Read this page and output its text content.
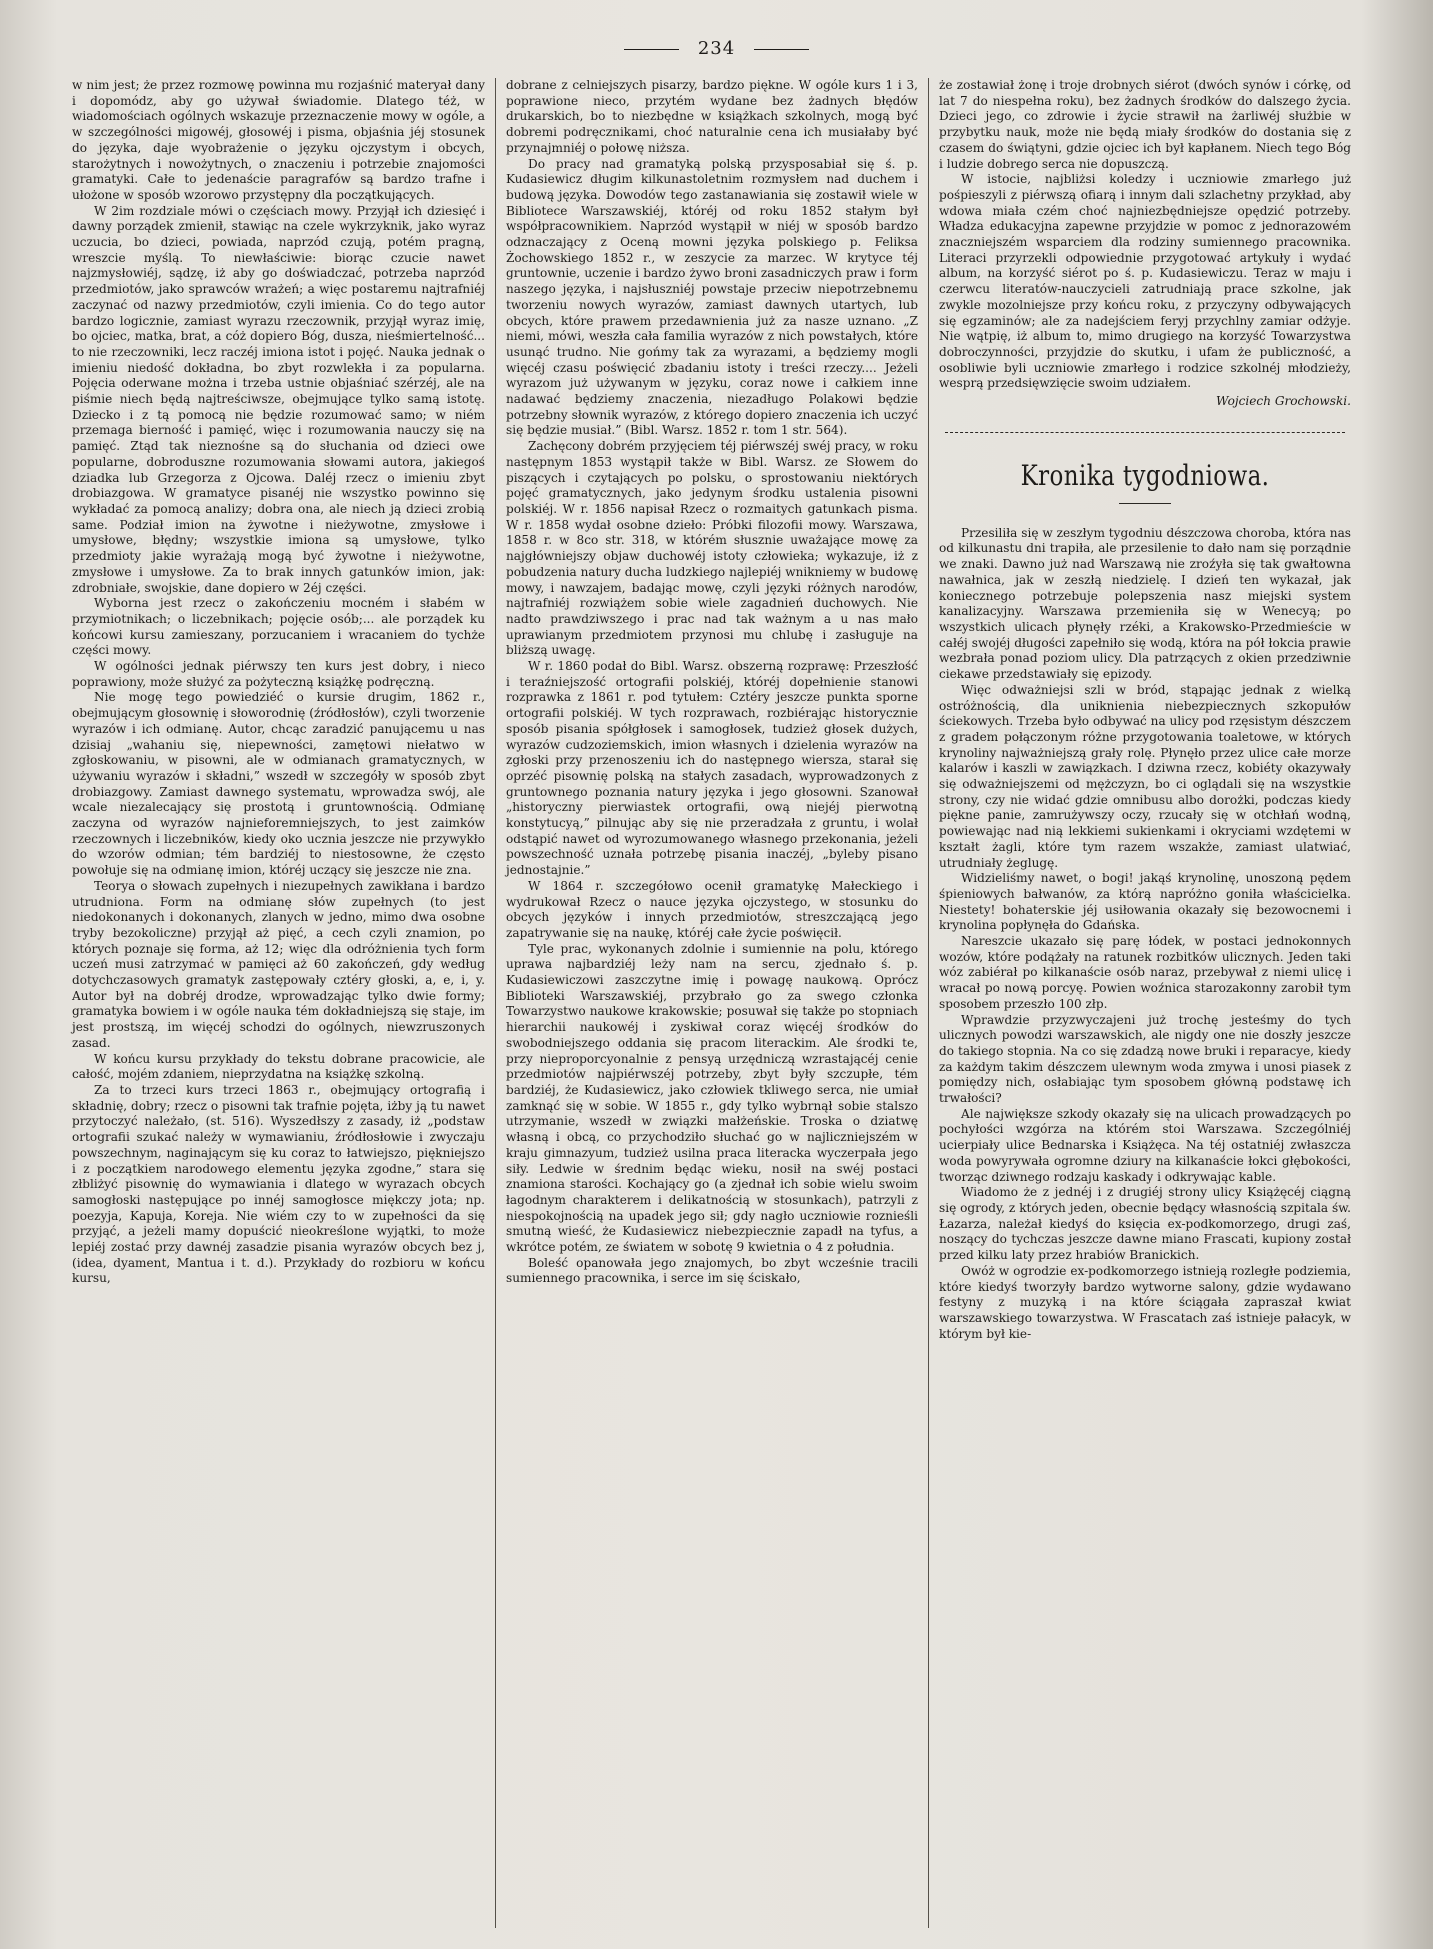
234

w nim jest; że przez rozmowę powinna mu rozjaśnić materyał dany i dopomódz, aby go używał świadomie. Dlatego téż, w wiadomościach ogólnych wskazuje przeznaczenie mowy w ogóle, a w szczególności migowéj, głosowéj i pisma, objaśnia jéj stosunek do języka, daje wyobrażenie o języku ojczystym i obcych, starożytnych i nowożytnych, o znaczeniu i potrzebie znajomości gramatyki. Całe to jedenaście paragrafów są bardzo trafne i ułożone w sposób wzorowo przystępny dla początkujących.

W 2im rozdziale mówi o częściach mowy. Przyjął ich dziesięć i dawny porządek zmienił, stawiąc na czele wykrzyknik, jako wyraz uczucia, bo dzieci, powiada, naprzód czują, potém pragną, wreszcie myślą. To niewłaściwie: biorąc czucie nawet najzmysłowiéj, sądzę, iż aby go doświadczać, potrzeba naprzód przedmiotów, jako sprawców wrażeń; a więc postaremu najtrafniéj zaczynać od nazwy przedmiotów, czyli imienia. Co do tego autor bardzo logicznie, zamiast wyrazu rzeczownik, przyjął wyraz imię, bo ojciec, matka, brat, a cóż dopiero Bóg, dusza, nieśmiertelność... to nie rzeczowniki, lecz raczéj imiona istot i pojęć. Nauka jednak o imieniu niedość dokładna, bo zbyt rozwlekła i za popularna. Pojęcia oderwane można i trzeba ustnie objaśniać szérzéj, ale na piśmie niech będą najtreściwsze, obejmujące tylko samą istotę. Dziecko i z tą pomocą nie będzie rozumować samo; w niém przemaga bierność i pamięć, więc i rozumowania nauczy się na pamięć. Ztąd tak nieznośne są do słuchania od dzieci owe popularne, dobroduszne rozumowania słowami autora, jakiegoś dziadka lub Grzegorza z Ojcowa. Daléj rzecz o imieniu zbyt drobiazgowa. W gramatyce pisanéj nie wszystko powinno się wykładać za pomocą analizy; dobra ona, ale niech ją dzieci zrobią same. Podział imion na żywotne i nieżywotne, zmysłowe i umysłowe, błędny; wszystkie imiona są umysłowe, tylko przedmioty jakie wyrażają mogą być żywotne i nieżywotne, zmysłowe i umysłowe. Za to brak innych gatunków imion, jak: zdrobniałe, swojskie, dane dopiero w 2éj części.

Wyborna jest rzecz o zakończeniu mocném i słabém w przymiotnikach; o liczebnikach; pojęcie osób;... ale porządek ku końcowi kursu zamieszany, porzucaniem i wracaniem do tychże części mowy.

W ogólności jednak piérwszy ten kurs jest dobry, i nieco poprawiony, może służyć za pożyteczną książkę podręczną.

Nie mogę tego powiedziéć o kursie drugim, 1862 r., obejmującym głosownię i słoworodnię (źródłosłów), czyli tworzenie wyrazów i ich odmianę. Autor, chcąc zaradzić panującemu u nas dzisiaj „wahaniu się, niepewności, zamętowi niełatwo w zgłoskowaniu, w pisowni, ale w odmianach gramatycznych, w używaniu wyrazów i składni,” wszedł w szczegóły w sposób zbyt drobiazgowy. Zamiast dawnego systematu, wprowadza swój, ale wcale niezalecający się prostotą i gruntownością. Odmianę zaczyna od wyrazów najnieforemniejszych, to jest zaimków rzeczownych i liczebników, kiedy oko ucznia jeszcze nie przywykło do wzorów odmian; tém bardziéj to niestosowne, że często powołuje się na odmianę imion, któréj uczący się jeszcze nie zna.

Teorya o słowach zupełnych i niezupełnych zawikłana i bardzo utrudniona. Form na odmianę słów zupełnych (to jest niedokonanych i dokonanych, zlanych w jedno, mimo dwa osobne tryby bezokoliczne) przyjął aż pięć, a cech czyli znamion, po których poznaje się forma, aż 12; więc dla odróżnienia tych form uczeń musi zatrzymać w pamięci aż 60 zakończeń, gdy według dotychczasowych gramatyk zastępowały cztéry głoski, a, e, i, y. Autor był na dobréj drodze, wprowadzając tylko dwie formy; gramatyka bowiem i w ogóle nauka tém dokładniejszą się staje, im jest prostszą, im więcéj schodzi do ogólnych, niewzruszonych zasad.

W końcu kursu przykłady do tekstu dobrane pracowicie, ale całość, mojém zdaniem, nieprzydatna na książkę szkolną.

Za to trzeci kurs trzeci 1863 r., obejmujący ortografią i składnię, dobry; rzecz o pisowni tak trafnie pojęta, iżby ją tu nawet przytoczyć należało, (st. 516). Wyszedłszy z zasady, iż „podstaw ortografii szukać należy w wymawianiu, źródłosłowie i zwyczaju powszechnym, naginającym się ku coraz to łatwiejszo, piękniejszo i z początkiem narodowego elementu języka zgodne,” stara się złbliżyć pisownię do wymawiania i dlatego w wyrazach obcych samogłoski następujące po innéj samogłosce miękczy jota; np. poezyja, Kapuja, Koreja. Nie wiém czy to w zupełności da się przyjąć, a jeżeli mamy dopuścić nieokreślone wyjątki, to może lepiéj zostać przy dawnéj zasadzie pisania wyrazów obcych bez j, (idea, dyament, Mantua i t. d.). Przykłady do rozbioru w końcu kursu,

dobrane z celniejszych pisarzy, bardzo piękne. W ogóle kurs 1 i 3, poprawione nieco, przytém wydane bez żadnych błędów drukarskich, bo to niezbędne w książkach szkolnych, mogą być dobremi podręcznikami, choć naturalnie cena ich musiałaby być przynajmniéj o połowę niższa.

Do pracy nad gramatyką polską przysposabiał się ś. p. Kudasiewicz długim kilkunastoletnim rozmysłem nad duchem i budową języka. Dowodów tego zastanawiania się zostawił wiele w Bibliotece Warszawskiéj, któréj od roku 1852 stałym był współpracownikiem. Naprzód wystąpił w niéj w sposób bardzo odznaczający z Oceną mowni języka polskiego p. Feliksa Żochowskiego 1852 r., w zeszycie za marzec. W krytyce téj gruntownie, uczenie i bardzo żywo broni zasadniczych praw i form naszego języka, i najsłuszniéj powstaje przeciw niepotrzebnemu tworzeniu nowych wyrazów, zamiast dawnych utartych, lub obcych, które prawem przedawnienia już za nasze uznano. „Z niemi, mówi, weszła cała familia wyrazów z nich powstałych, które usunąć trudno. Nie gońmy tak za wyrazami, a będziemy mogli więcéj czasu poświęcić zbadaniu istoty i treści rzeczy.... Jeżeli wyrazom już używanym w języku, coraz nowe i całkiem inne nadawać będziemy znaczenia, niezadługo Polakowi będzie potrzebny słownik wyrazów, z którego dopiero znaczenia ich uczyć się będzie musiał.” (Bibl. Warsz. 1852 r. tom 1 str. 564).

Zachęcony dobrém przyjęciem téj piérwszéj swéj pracy, w roku następnym 1853 wystąpił także w Bibl. Warsz. ze Słowem do piszących i czytających po polsku, o sprostowaniu niektórych pojęć gramatycznych, jako jedynym środku ustalenia pisowni polskiéj. W r. 1856 napisał Rzecz o rozmaitych gatunkach pisma. W r. 1858 wydał osobne dzieło: Próbki filozofii mowy. Warszawa, 1858 r. w 8co str. 318, w którém słusznie uważające mowę za najgłówniejszy objaw duchowéj istoty człowieka; wykazuje, iż z pobudzenia natury ducha ludzkiego najlepiéj wnikniemy w budowę mowy, i nawzajem, badając mowę, czyli języki różnych narodów, najtrafniéj rozwiążem sobie wiele zagadnień duchowych. Nie nadto prawdziwszego i prac nad tak ważnym a u nas mało uprawianym przedmiotem przynosi mu chlubę i zasługuje na bliższą uwagę.

W r. 1860 podał do Bibl. Warsz. obszerną rozprawę: Przeszłość i teraźniejszość ortografii polskiéj, któréj dopełnienie stanowi rozprawka z 1861 r. pod tytułem: Cztéry jeszcze punkta sporne ortografii polskiéj. W tych rozprawach, rozbiérając historycznie sposób pisania spółgłosek i samogłosek, tudzież głosek dużych, wyrazów cudzoziemskich, imion własnych i dzielenia wyrazów na zgłoski przy przenoszeniu ich do następnego wiersza, starał się oprzéć pisownię polską na stałych zasadach, wyprowadzonych z gruntownego poznania natury języka i jego głosowni. Szanował „historyczny pierwiastek ortografii, ową niejéj pierwotną konstytucyą,” pilnując aby się nie przeradzała z gruntu, i wolał odstąpić nawet od wyrozumowanego własnego przekonania, jeżeli powszechność uznała potrzebę pisania inaczéj, „byleby pisano jednostajnie.”

W 1864 r. szczegółowo ocenił gramatykę Małeckiego i wydrukował Rzecz o nauce języka ojczystego, w stosunku do obcych języków i innych przedmiotów, streszczającą jego zapatrywanie się na naukę, któréj całe życie poświęcił.

Tyle prac, wykonanych zdolnie i sumiennie na polu, którego uprawa najbardziéj leży nam na sercu, zjednało ś. p. Kudasiewiczowi zaszczytne imię i powagę naukową. Oprócz Biblioteki Warszawskiéj, przybrało go za swego członka Towarzystwo naukowe krakowskie; posuwał się także po stopniach hierarchii naukowéj i zyskiwał coraz więcéj środków do swobodniejszego oddania się pracom literackim. Ale środki te, przy nieproporcyonalnie z pensyą urzędniczą wzrastającéj cenie przedmiotów najpiérwszéj potrzeby, zbyt były szczupłe, tém bardziéj, że Kudasiewicz, jako człowiek tkliwego serca, nie umiał zamknąć się w sobie. W 1855 r., gdy tylko wybrnął sobie stalszo utrzymanie, wszedł w związki małżeńskie. Troska o dziatwę własną i obcą, co przychodziło słuchać go w najliczniejszém w kraju gimnazyum, tudzież usilna praca literacka wyczerpała jego siły. Ledwie w średnim będąc wieku, nosił na swéj postaci znamiona starości. Kochający go (a zjednał ich sobie wielu swoim łagodnym charakterem i delikatnością w stosunkach), patrzyli z niespokojnością na upadek jego sił; gdy nagło uczniowie roznieśli smutną wieść, że Kudasiewicz niebezpiecznie zapadł na tyfus, a wkrótce potém, ze światem w sobotę 9 kwietnia o 4 z południa.

Boleść opanowała jego znajomych, bo zbyt wcześnie tracili sumiennego pracownika, i serce im się ściskało,

że zostawiał żonę i troje drobnych siérot (dwóch synów i córkę, od lat 7 do niespełna roku), bez żadnych środków do dalszego życia. Dzieci jego, co zdrowie i życie strawił na żarliwéj służbie w przybytku nauk, może nie będą miały środków do dostania się z czasem do świątyni, gdzie ojciec ich był kapłanem. Niech tego Bóg i ludzie dobrego serca nie dopuszczą.

W istocie, najbliżsi koledzy i uczniowie zmarłego już pośpieszyli z piérwszą ofiarą i innym dali szlachetny przykład, aby wdowa miała czém choć najniezbędniejsze opędzić potrzeby. Władza edukacyjna zapewne przyjdzie w pomoc z jednorazowém znaczniejszém wsparciem dla rodziny sumiennego pracownika. Literaci przyrzekli odpowiednie przygotować artykuły i wydać album, na korzyść siérot po ś. p. Kudasiewiczu. Teraz w maju i czerwcu literatów-nauczycieli zatrudniają prace szkolne, jak zwykle mozolniejsze przy końcu roku, z przyczyny odbywających się egzaminów; ale za nadejściem feryj przychlny zamiar odżyje. Nie wątpię, iż album to, mimo drugiego na korzyść Towarzystwa dobroczynności, przyjdzie do skutku, i ufam że publiczność, a osobliwie byli uczniowie zmarłego i rodzice szkolnéj młodzieży, wesprą przedsięwzięcie swoim udziałem.

Wojciech Grochowski.
Kronika tygodniowa.

Przesiliła się w zeszłym tygodniu dészczowa choroba, która nas od kilkunastu dni trapiła, ale przesilenie to dało nam się porządnie we znaki. Dawno już nad Warszawą nie zroźyła się tak gwałtowna nawałnica, jak w zeszłą niedzielę. I dzień ten wykazał, jak koniecznego potrzebuje polepszenia nasz miejski system kanalizacyjny. Warszawa przemieniła się w Wenecyą; po wszystkich ulicach płynęły rzéki, a Krakowsko-Przedmieście w całéj swojéj długości zapełniło się wodą, która na pół łokcia prawie wezbrała ponad poziom ulicy. Dla patrzących z okien przedziwnie ciekawe przedstawiały się epizody.

Więc odważniejsi szli w bród, stąpając jednak z wielką ostróżnością, dla uniknienia niebezpiecznych szkopułów ściekowych. Trzeba było odbywać na ulicy pod rzęsistym dészczem z gradem połączonym różne przygotowania toaletowe, w których krynoliny najważniejszą grały rolę. Płynęło przez ulice całe morze kalarów i kaszli w zawiązkach. I dziwna rzecz, kobiéty okazywały się odważniejszemi od mężczyzn, bo ci oglądali się na wszystkie strony, czy nie widać gdzie omnibusu albo dorożki, podczas kiedy piękne panie, zamrużywszy oczy, rzucały się w otchłań wodną, powiewając nad nią lekkiemi sukienkami i okryciami wzdętemi w kształt żagli, które tym razem wszakże, zamiast ulatwiać, utrudniały żeglugę.

Widzieliśmy nawet, o bogi! jakąś krynolinę, unoszoną pędem śpieniowych bałwanów, za którą napróżno goniła właścicielka. Niestety! bohaterskie jéj usiłowania okazały się bezowocnemi i krynolina popłynęła do Gdańska.

Nareszcie ukazało się parę łódek, w postaci jednokonnych wozów, które podążały na ratunek rozbitków ulicznych. Jeden taki wóz zabiérał po kilkanaście osób naraz, przebywał z niemi ulicę i wracał po nową porcyę. Powien woźnica starozakonny zarobił tym sposobem przeszło 100 złp.

Wprawdzie przyzwyczajeni już trochę jesteśmy do tych ulicznych powodzi warszawskich, ale nigdy one nie doszły jeszcze do takiego stopnia. Na co się zdadzą nowe bruki i reparacye, kiedy za każdym takim dészczem ulewnym woda zmywa i unosi piasek z pomiędzy nich, osłabiając tym sposobem główną podstawę ich trwałości?

Ale największe szkody okazały się na ulicach prowadzących po pochyłości wzgórza na którém stoi Warszawa. Szczególniéj ucierpiały ulice Bednarska i Książęca. Na téj ostatniéj zwłaszcza woda powyrywała ogromne dziury na kilkanaście łokci głębokości, tworząc dziwnego rodzaju kaskady i odkrywając kable.

Wiadomo że z jednéj i z drugiéj strony ulicy Książęcéj ciągną się ogrody, z których jeden, obecnie będący własnością szpitala św. Łazarza, należał kiedyś do księcia ex-podkomorzego, drugi zaś, noszący do tychczas jeszcze dawne miano Frascati, kupiony został przed kilku laty przez hrabiów Branickich.

Owóż w ogrodzie ex-podkomorzego istnieją rozległe podziemia, które kiedyś tworzyły bardzo wytworne salony, gdzie wydawano festyny z muzyką i na które ściągała zapraszał kwiat warszawskiego towarzystwa. W Frascatach zaś istnieje pałacyk, w którym był kie-
